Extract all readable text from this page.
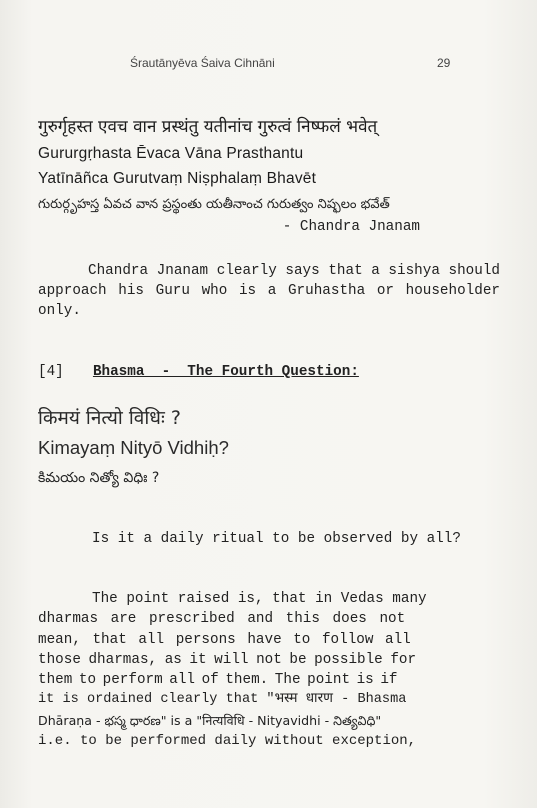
Śrautānyēva Śaiva Cihnāni	29
गुरुर्गृहस्त एवच वान प्रस्थंतु यतीनांच गुरुत्वं निष्फलं भवेत्
Gururgṛhasta Ēvaca Vāna Prasthantu
Yatīnāñca Gurutvaṃ Niṣphalaṃ Bhavēt
గురుర్గృహస్త ఏవచ వాన ప్రస్థంతు యతీనాంచ గురుత్వం నిష్ఫలం భవేత్
- Chandra Jnanam
Chandra Jnanam clearly says that a sishya should approach his Guru who is a Gruhastha or householder only.
[4] Bhasma  -  The Fourth Question:
किमयं नित्यो विधिः ?
Kimayaṃ Nityō Vidhiḥ?
కిమయం నిత్యో విధిః ?
Is it a daily ritual to be observed by all?
The point raised is, that in Vedas many
dharmas are prescribed and this does not
mean, that all persons have to follow all
those dharmas, as it will not be possible for
them to perform all of them. The point is if
it is ordained clearly that "भस्म धारण - Bhasma
Dhāraṇa - భస్మ ధారణ" is a "नित्यविधि - Nityavidhi - నిత్యవిధి"
i.e. to be performed daily without exception,
